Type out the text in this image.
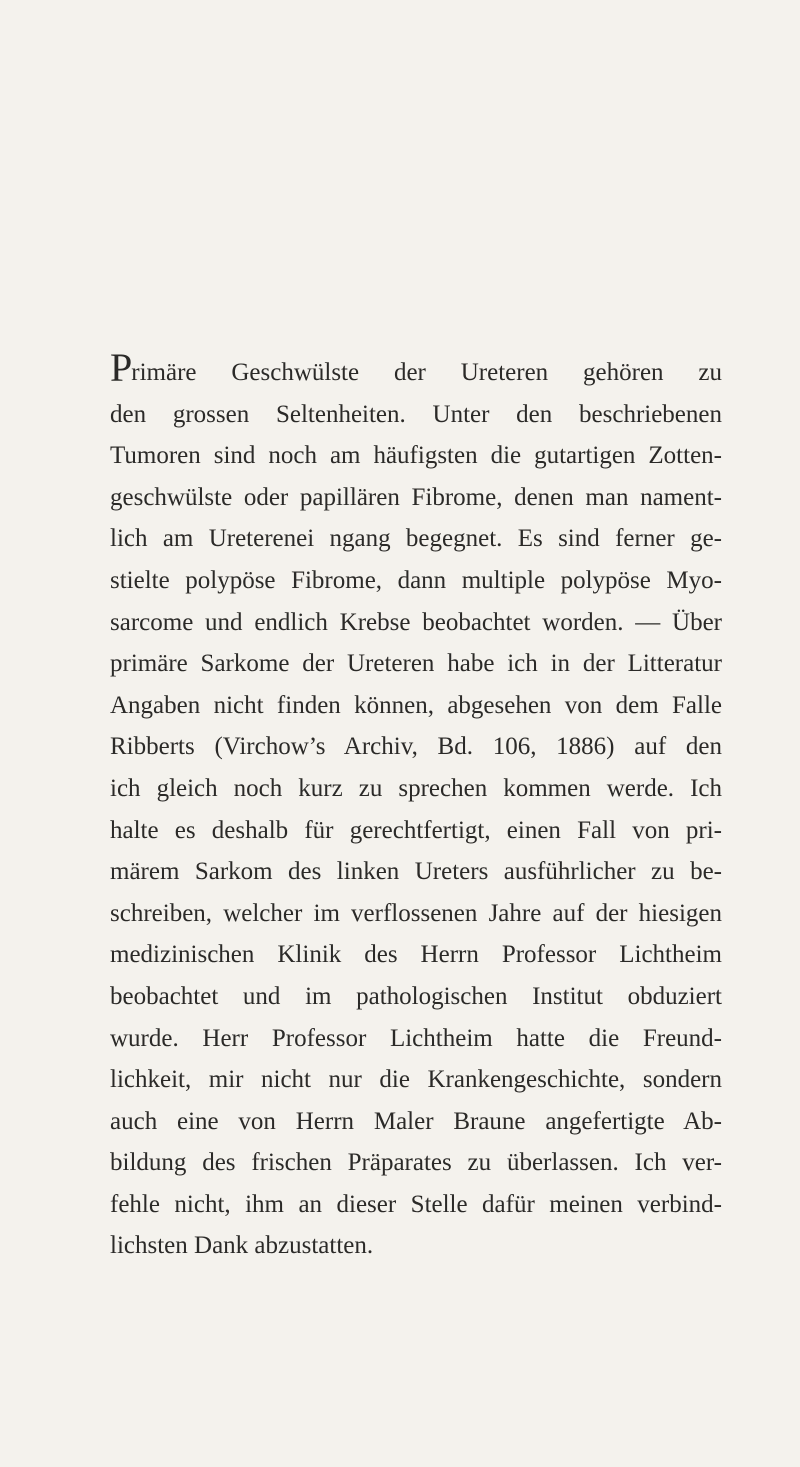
Primäre Geschwülste der Ureteren gehören zu
den grossen Seltenheiten. Unter den beschriebenen
Tumoren sind noch am häufigsten die gutartigen Zotten-
geschwülste oder papillären Fibrome, denen man nament-
lich am Ureterenei ngang begegnet. Es sind ferner ge-
stielte polypöse Fibrome, dann multiple polypöse Myo-
sarcome und endlich Krebse beobachtet worden. — Über
primäre Sarkome der Ureteren habe ich in der Litteratur
Angaben nicht finden können, abgesehen von dem Falle
Ribberts (Virchow’s Archiv, Bd. 106, 1886) auf den
ich gleich noch kurz zu sprechen kommen werde. Ich
halte es deshalb für gerechtfertigt, einen Fall von pri-
märem Sarkom des linken Ureters ausführlicher zu be-
schreiben, welcher im verflossenen Jahre auf der hiesigen
medizinischen Klinik des Herrn Professor Lichtheim
beobachtet und im pathologischen Institut obduziert
wurde. Herr Professor Lichtheim hatte die Freund-
lichkeit, mir nicht nur die Krankengeschichte, sondern
auch eine von Herrn Maler Braune angefertigte Ab-
bildung des frischen Präparates zu überlassen. Ich ver-
fehle nicht, ihm an dieser Stelle dafür meinen verbind-
lichsten Dank abzustatten.
